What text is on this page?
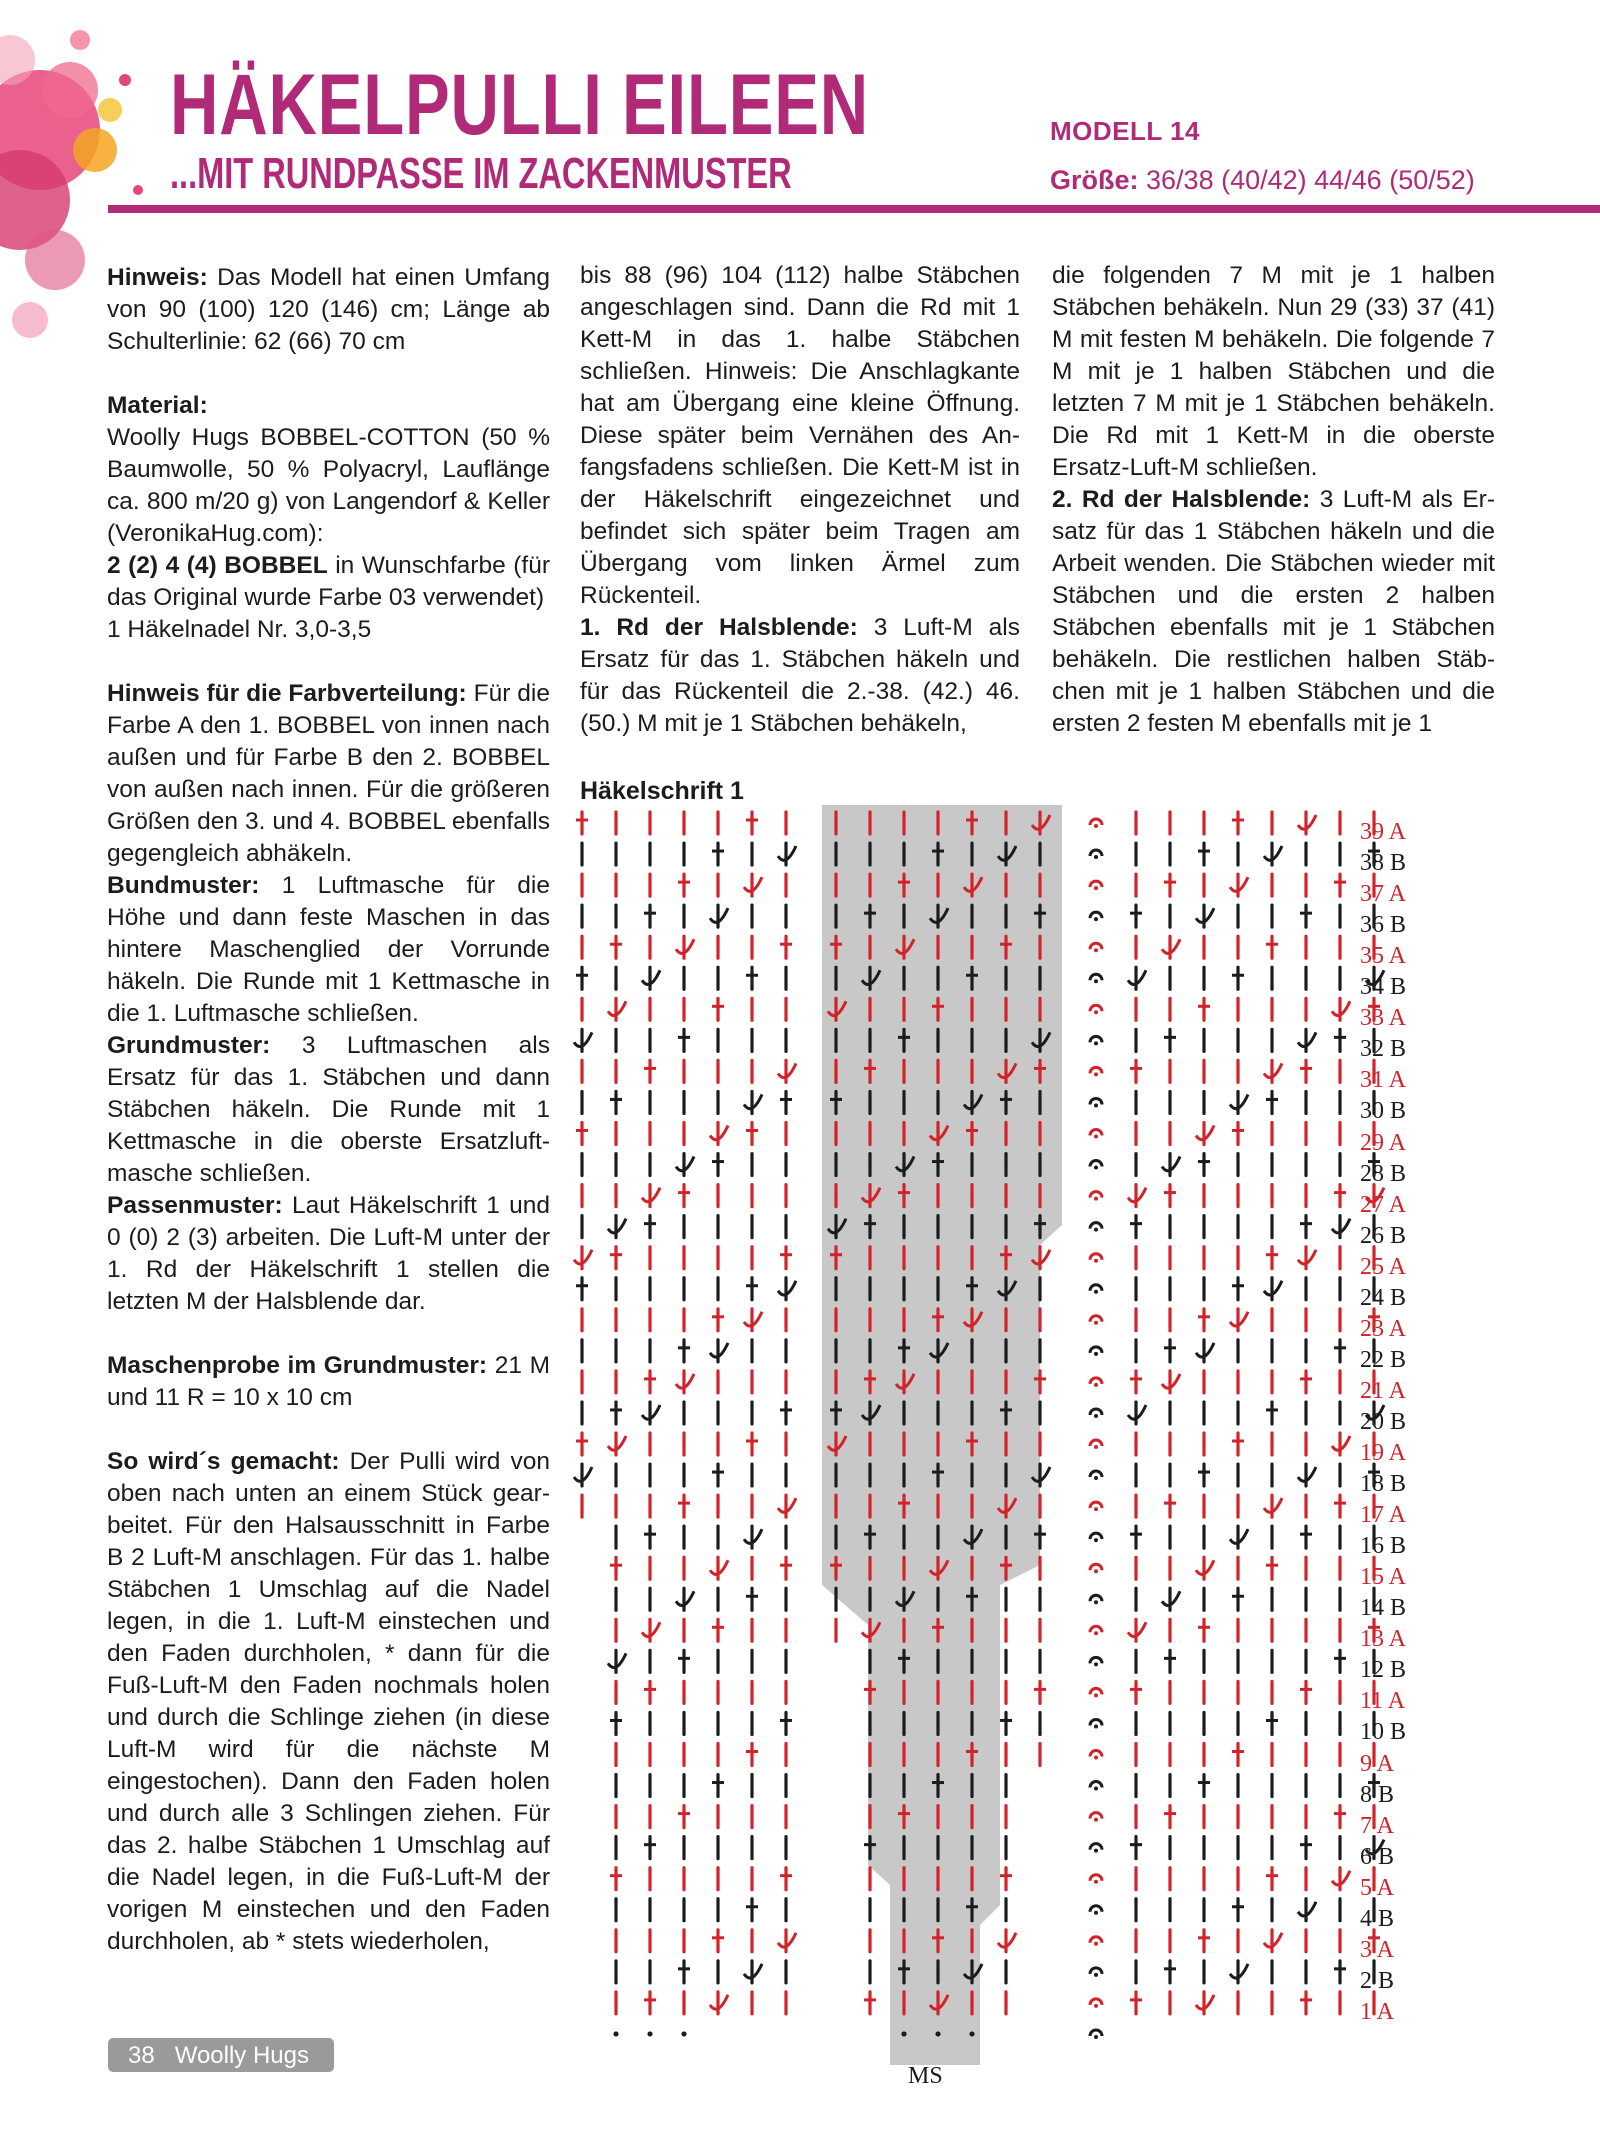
HÄKELPULLI EILEEN
...MIT RUNDPASSE IM ZACKENMUSTER

MODELL 14

Größe: 36/38 (40/42) 44/46 (50/52)

Hinweis: Das Modell hat einen Umfang von 90 (100) 120 (146) cm; Länge ab Schulterlinie: 62 (66) 70 cm

Material:
Woolly Hugs BOBBEL-COTTON (50 % Baumwolle, 50 % Polyacryl, Lauflänge ca. 800 m/20 g) von Langendorf & Keller (VeronikaHug.com):

2 (2) 4 (4) BOBBEL in Wunschfarbe (für das Original wurde Farbe 03 verwendet)

1 Häkelnadel Nr. 3,0-3,5

Hinweis für die Farbverteilung: Für die Farbe A den 1. BOBBEL von innen nach außen und für Farbe B den 2. BOBBEL von außen nach innen. Für die größeren Größen den 3. und 4. BOBBEL ebenfalls gegengleich abhäkeln.

Bundmuster: 1 Luftmasche für die Höhe und dann feste Maschen in das hintere Maschenglied der Vorrunde häkeln. Die Runde mit 1 Kettmasche in die 1. Luftmasche schließen.

Grundmuster: 3 Luftmaschen als Ersatz für das 1. Stäbchen und dann Stäbchen häkeln. Die Runde mit 1 Kettmasche in die oberste Ersatzluftmasche schließen.

Passenmuster: Laut Häkelschrift 1 und 0 (0) 2 (3) arbeiten. Die Luft-M unter der 1. Rd der Häkelschrift 1 stellen die letzten M der Halsblende dar.

Maschenprobe im Grundmuster: 21 M und 11 R = 10 x 10 cm

So wird´s gemacht: Der Pulli wird von oben nach unten an einem Stück gearbeitet. Für den Halsausschnitt in Farbe B 2 Luft-M anschlagen. Für das 1. halbe Stäbchen 1 Umschlag auf die Nadel legen, in die 1. Luft-M einstechen und den Faden durchholen, * dann für die Fuß-Luft-M den Faden nochmals holen und durch die Schlinge ziehen (in diese Luft-M wird für die nächste M eingestochen). Dann den Faden holen und durch alle 3 Schlingen ziehen. Für das 2. halbe Stäbchen 1 Umschlag auf die Nadel legen, in die Fuß-Luft-M der vorigen M einstechen und den Faden durchholen, ab * stets wiederholen,

bis 88 (96) 104 (112) halbe Stäbchen angeschlagen sind. Dann die Rd mit 1 Kett-M in das 1. halbe Stäbchen schließen. Hinweis: Die Anschlagkante hat am Übergang eine kleine Öffnung. Diese später beim Vernähen des Anfangsfadens schließen. Die Kett-M ist in der Häkelschrift eingezeichnet und befindet sich später beim Tragen am Übergang vom linken Ärmel zum Rückenteil.

1. Rd der Halsblende: 3 Luft-M als Ersatz für das 1. Stäbchen häkeln und für das Rückenteil die 2.-38. (42.) 46. (50.) M mit je 1 Stäbchen behäkeln,

die folgenden 7 M mit je 1 halben Stäbchen behäkeln. Nun 29 (33) 37 (41) M mit festen M behäkeln. Die folgende 7 M mit je 1 halben Stäbchen und die letzten 7 M mit je 1 Stäbchen behäkeln. Die Rd mit 1 Kett-M in die oberste Ersatz-Luft-M schließen.

2. Rd der Halsblende: 3 Luft-M als Ersatz für das 1 Stäbchen häkeln und die Arbeit wenden. Die Stäbchen wieder mit Stäbchen und die ersten 2 halben Stäbchen ebenfalls mit je 1 Stäbchen behäkeln. Die restlichen halben Stäbchen mit je 1 halben Stäbchen und die ersten 2 festen M ebenfalls mit je 1

Häkelschrift 1

39 A
38 B
37 A
36 B
35 A
34 B
33 A
32 B
31 A
30 B
29 A
28 B
27 A
26 B
25 A
24 B
23 A
22 B
21 A
20 B
19 A
18 B
17 A
16 B
15 A
14 B
13 A
12 B
11 A
10 B
9 A
8 B
7 A
6 B
5 A
4 B
3 A
2 B
1 A

MS

38 Woolly Hugs
